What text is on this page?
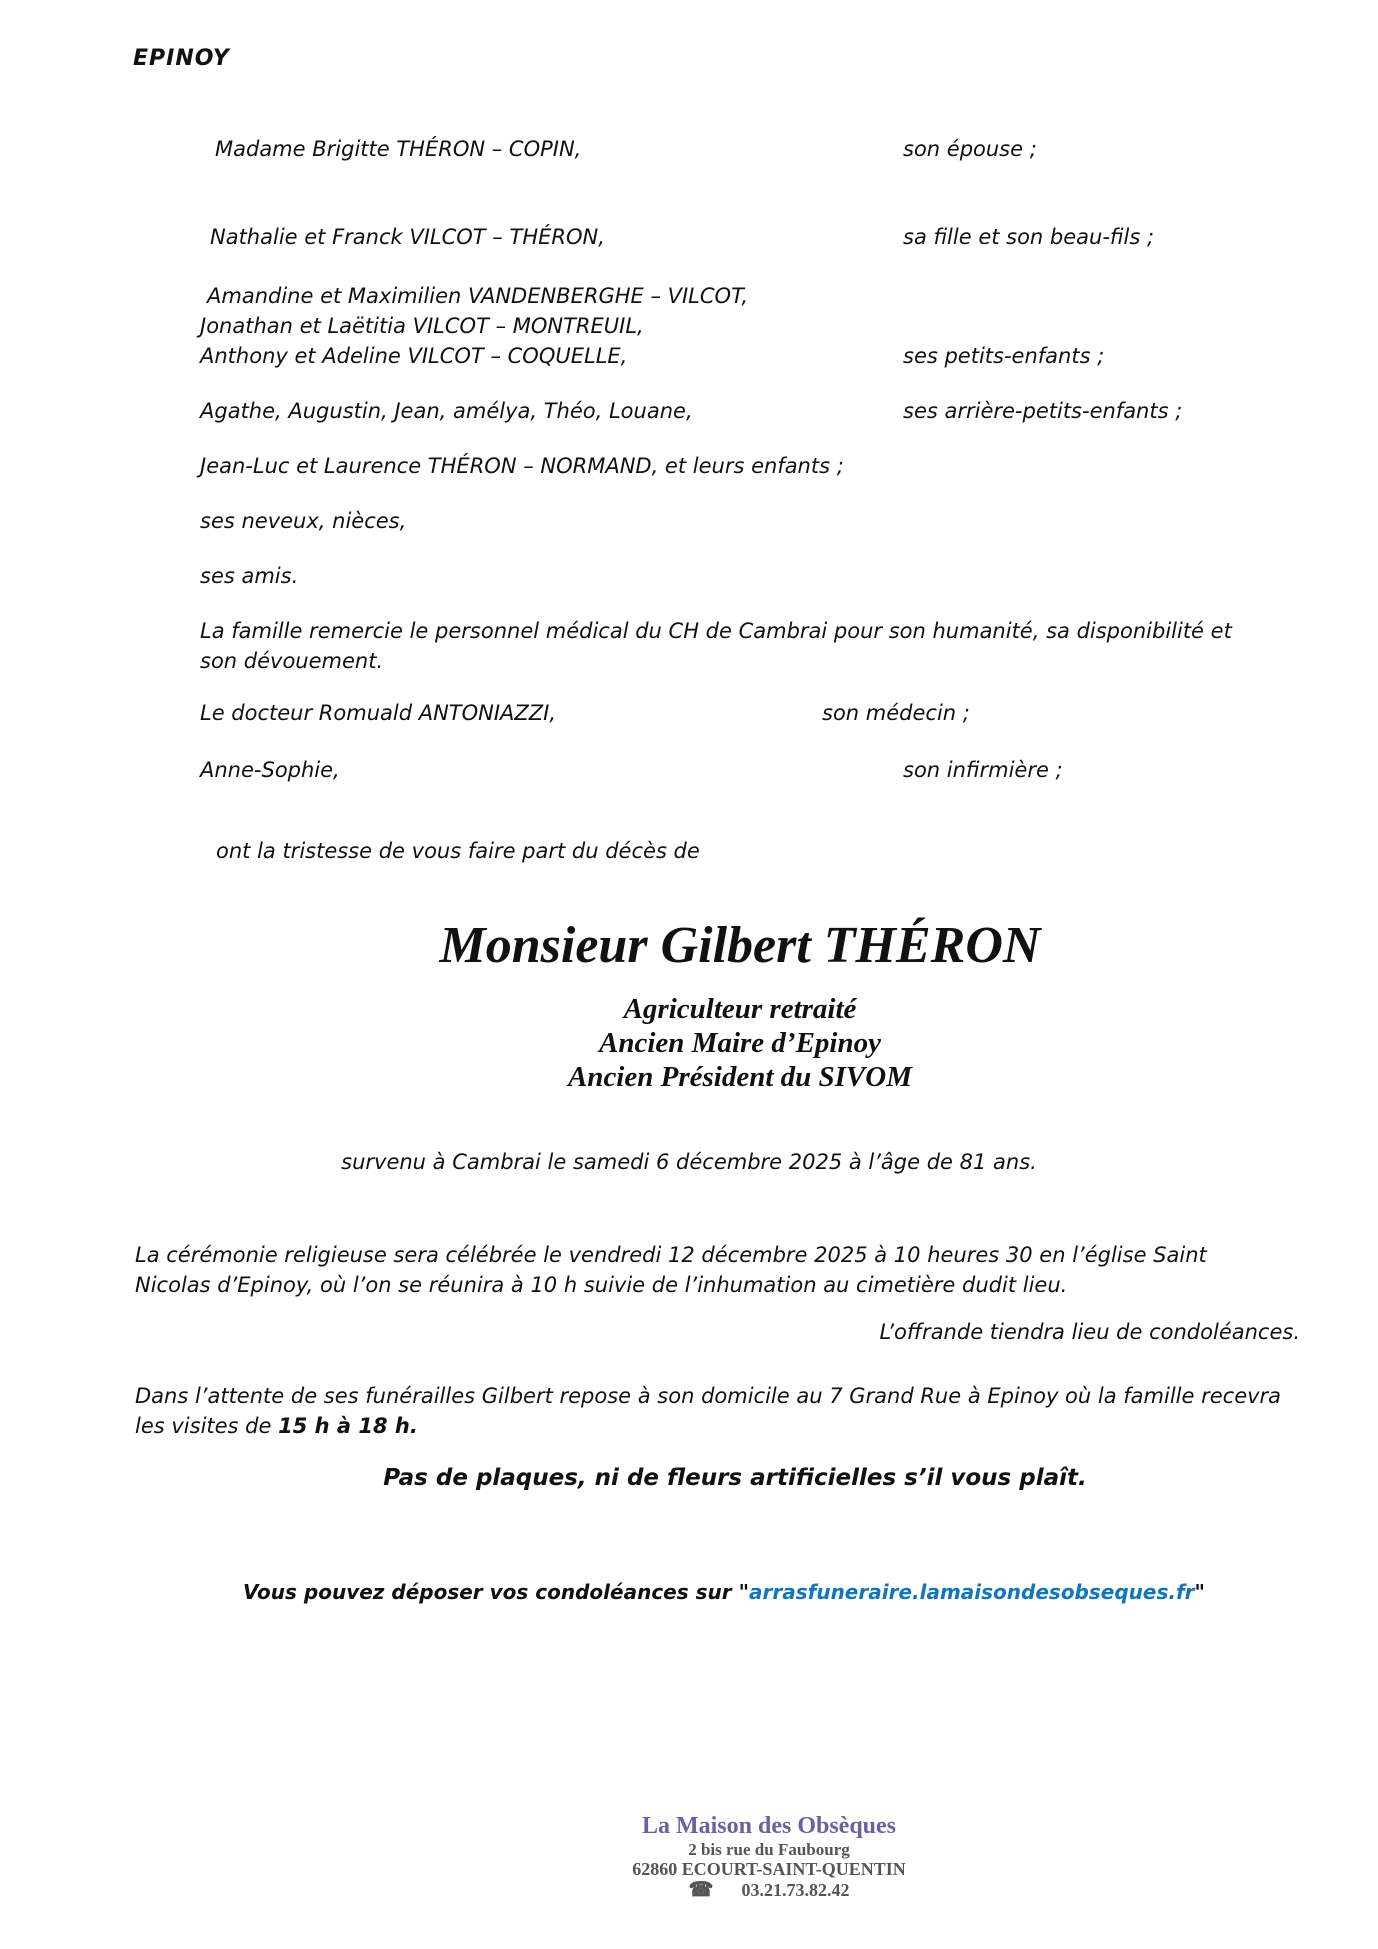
EPINOY
Madame Brigitte THÉRON – COPIN,	son épouse ;
Nathalie et Franck VILCOT – THÉRON,	sa fille et son beau-fils ;
Amandine et Maximilien VANDENBERGHE – VILCOT,
Jonathan et Laëtitia VILCOT – MONTREUIL,
Anthony et Adeline VILCOT – COQUELLE,	ses petits-enfants ;
Agathe, Augustin, Jean, amélya, Théo, Louane,	ses arrière-petits-enfants ;
Jean-Luc et Laurence THÉRON – NORMAND, et leurs enfants ;
ses neveux, nièces,
ses amis.
La famille remercie le personnel médical du CH de Cambrai pour son humanité, sa disponibilité et son dévouement.
Le docteur Romuald ANTONIAZZI,	son médecin ;
Anne-Sophie,	son infirmière ;
ont la tristesse de vous faire part du décès de
Monsieur Gilbert THÉRON
Agriculteur retraité
Ancien Maire d’Epinoy
Ancien Président du SIVOM
survenu à Cambrai le samedi 6 décembre 2025 à l’âge de 81 ans.
La cérémonie religieuse sera célébrée le vendredi 12 décembre 2025 à 10 heures 30 en l’église Saint Nicolas d’Epinoy, où l’on se réunira à 10 h suivie de l’inhumation au cimetière dudit lieu.
L’offrande tiendra lieu de condoléances.
Dans l’attente de ses funérailles Gilbert repose à son domicile au 7 Grand Rue à Epinoy où la famille recevra les visites de 15 h à 18 h.
Pas de plaques, ni de fleurs artificielles s’il vous plaît.
Vous pouvez déposer vos condoléances sur "arrasfuneraire.lamaisondesobseques.fr"
La Maison des Obsèques
2 bis rue du Faubourg
62860 ECOURT-SAINT-QUENTIN
☎ 03.21.73.82.42
